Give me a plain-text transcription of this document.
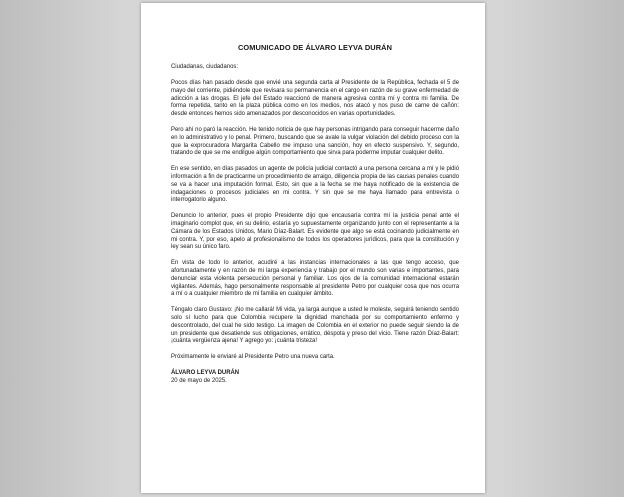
COMUNICADO DE ÁLVARO LEYVA DURÁN
Ciudadanas, ciudadanos:
Pocos días han pasado desde que envié una segunda carta al Presidente de la República, fechada el 5 de mayo del corriente, pidiéndole que revisara su permanencia en el cargo en razón de su grave enfermedad de adicción a las drogas. El jefe del Estado reaccionó de manera agresiva contra mí y contra mi familia. De forma repetida, tanto en la plaza pública como en los medios, nos atacó y nos puso de carne de cañón: desde entonces hemos sido amenazados por desconocidos en varias oportunidades.
Pero ahí no paró la reacción. He tenido noticia de que hay personas intrigando para conseguir hacerme daño en lo administrativo y lo penal. Primero, buscando que se avale la vulgar violación del debido proceso con la que la exprocuradora Margarita Cabello me impuso una sanción, hoy en efecto suspensivo. Y, segundo, tratando de que se me endilgue algún comportamiento que sirva para poderme imputar cualquier delito.
En ese sentido, en días pasados un agente de policía judicial contactó a una persona cercana a mí y le pidió información a fin de practicarme un procedimiento de arraigo, diligencia propia de las causas penales cuando se va a hacer una imputación formal. Esto, sin que a la fecha se me haya notificado de la existencia de indagaciones o procesos judiciales en mi contra. Y sin que se me haya llamado para entrevista o interrogatorio alguno.
Denuncio lo anterior, pues el propio Presidente dijo que encausaría contra mí la justicia penal ante el imaginario complot que, en su delirio, estaría yo supuestamente organizando junto con el representante a la Cámara de los Estados Unidos, Mario Díaz-Balart. Es evidente que algo se está cocinando judicialmente en mi contra. Y, por eso, apelo al profesionalismo de todos los operadores jurídicos, para que la constitución y ley sean su único faro.
En vista de todo lo anterior, acudiré a las instancias internacionales a las que tengo acceso, que afortunadamente y en razón de mi larga experiencia y trabajo por el mundo son varias e importantes, para denunciar esta violenta persecución personal y familiar. Los ojos de la comunidad internacional estarán vigilantes. Además, hago personalmente responsable al presidente Petro por cualquier cosa que nos ocurra a mí o a cualquier miembro de mi familia en cualquier ámbito.
Téngalo claro Gustavo: ¡No me callará! Mi vida, ya larga aunque a usted le moleste, seguirá teniendo sentido solo sí lucho para que Colombia recupere la dignidad manchada por su comportamiento enfermo y descontrolado, del cual he sido testigo. La imagen de Colombia en el exterior no puede seguir siendo la de un presidente que desatiende sus obligaciones, errático, déspota y preso del vicio. Tiene razón Díaz-Balart: ¡cuánta vergüenza ajena! Y agrego yo: ¡cuánta tristeza!
Próximamente le enviaré al Presidente Petro una nueva carta.
ÁLVARO LEYVA DURÁN
20 de mayo de 2025.
